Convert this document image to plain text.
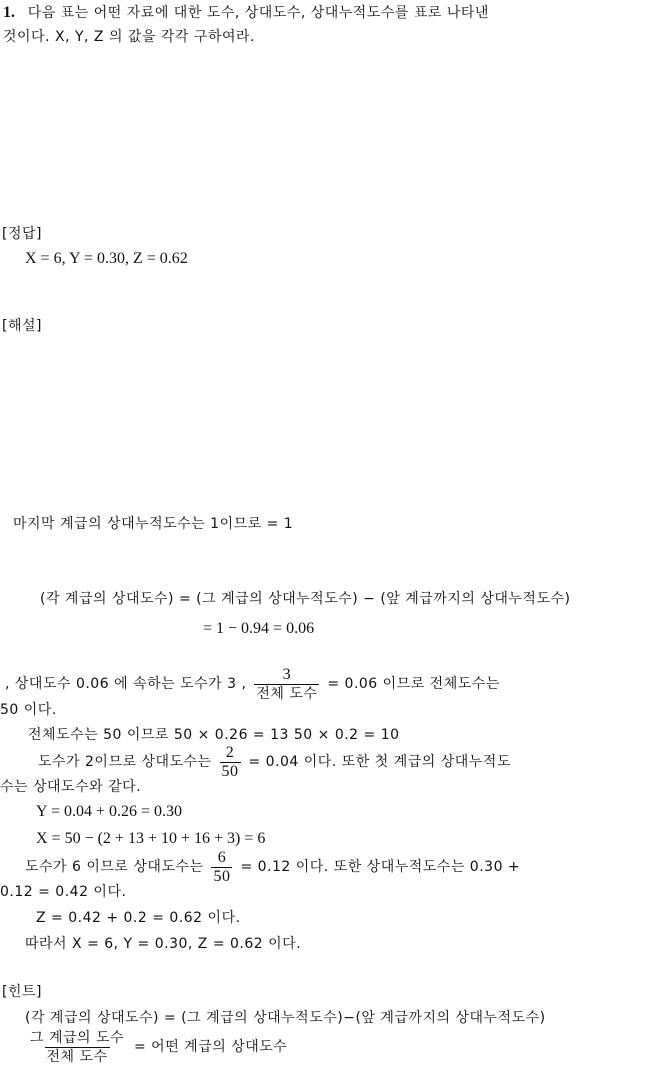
1. 다음 표는 어떤 자료에 대한 도수, 상대도수, 상대누적도수를 표로 나타낸
것이다. X, Y, Z 의 값을 각각 구하여라.
[정답]
X = 6, Y = 0.30, Z = 0.62
[해설]
마지막 계급의 상대누적도수는 1이므로 = 1
(각 계급의 상대도수) = (그 계급의 상대누적도수) − (앞 계급까지의 상대누적도수)
= 1 − 0.94 = 0.06
, 상대도수 0.06 에 속하는 도수가 3 , $\frac{3}{\text{전체 도수}} = 0.06$ 이므로 전체도수는
50 이다.
전체도수는 50 이므로 50 × 0.26 = 13 50 × 0.2 = 10
도수가 2이므로 상대도수는 $\frac{2}{50} = 0.04$ 이다. 또한 첫 계급의 상대누적도
수는 상대도수와 같다.
Y = 0.04 + 0.26 = 0.30
X = 50 − (2 + 13 + 10 + 16 + 3) = 6
도수가 6 이므로 상대도수는 $\frac{6}{50} = 0.12$ 이다. 또한 상대누적도수는 0.30 +
0.12 = 0.42 이다.
Z = 0.42 + 0.2 = 0.62 이다.
따라서 X = 6, Y = 0.30, Z = 0.62 이다.
[힌트]
(각 계급의 상대도수) = (그 계급의 상대누적도수)−(앞 계급까지의 상대누적도수)
$\frac{\text{그 계급의 도수}}{\text{전체 도수}}$ = 어떤 계급의 상대도수
